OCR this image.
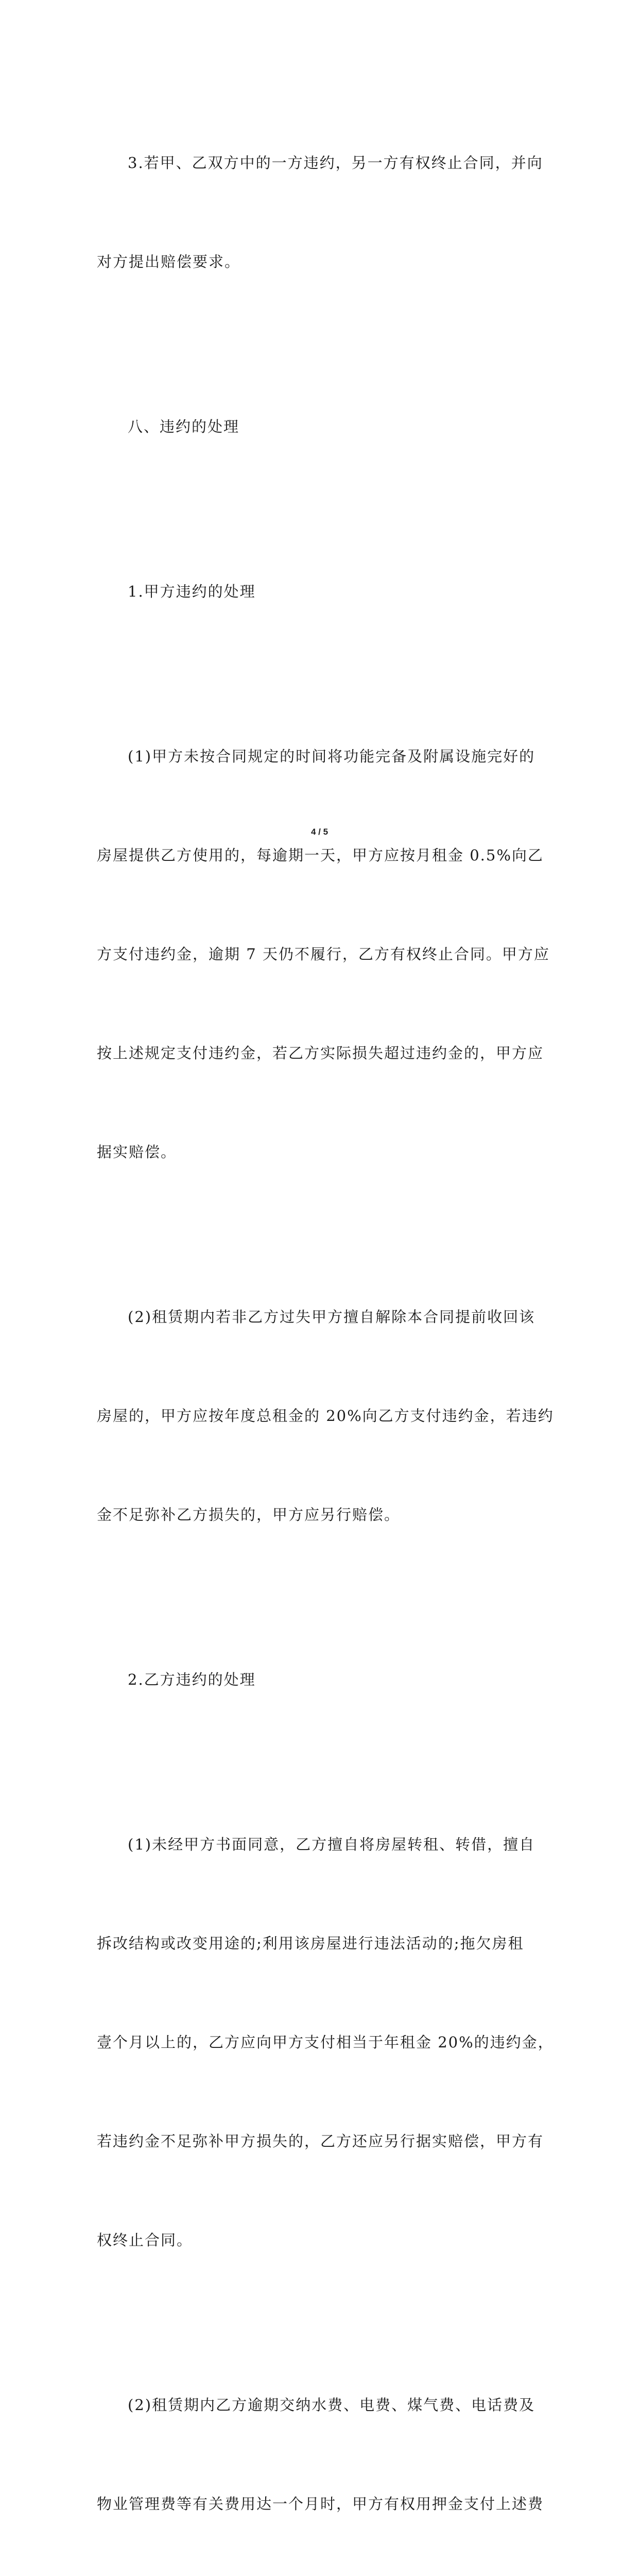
3.若甲、乙双方中的一方违约，另一方有权终止合同，并向

对方提出赔偿要求。

八、违约的处理

1.甲方违约的处理

(1)甲方未按合同规定的时间将功能完备及附属设施完好的

房屋提供乙方使用的，每逾期一天，甲方应按月租金 0.5%向乙

方支付违约金，逾期 7 天仍不履行，乙方有权终止合同。甲方应

按上述规定支付违约金，若乙方实际损失超过违约金的，甲方应

据实赔偿。

(2)租赁期内若非乙方过失甲方擅自解除本合同提前收回该

房屋的，甲方应按年度总租金的 20%向乙方支付违约金，若违约

金不足弥补乙方损失的，甲方应另行赔偿。

2.乙方违约的处理

(1)未经甲方书面同意，乙方擅自将房屋转租、转借，擅自

拆改结构或改变用途的;利用该房屋进行违法活动的;拖欠房租

壹个月以上的，乙方应向甲方支付相当于年租金 20%的违约金，

若违约金不足弥补甲方损失的，乙方还应另行据实赔偿，甲方有

权终止合同。

(2)租赁期内乙方逾期交纳水费、电费、煤气费、电话费及

物业管理费等有关费用达一个月时，甲方有权用押金支付上述费

4 / 5
